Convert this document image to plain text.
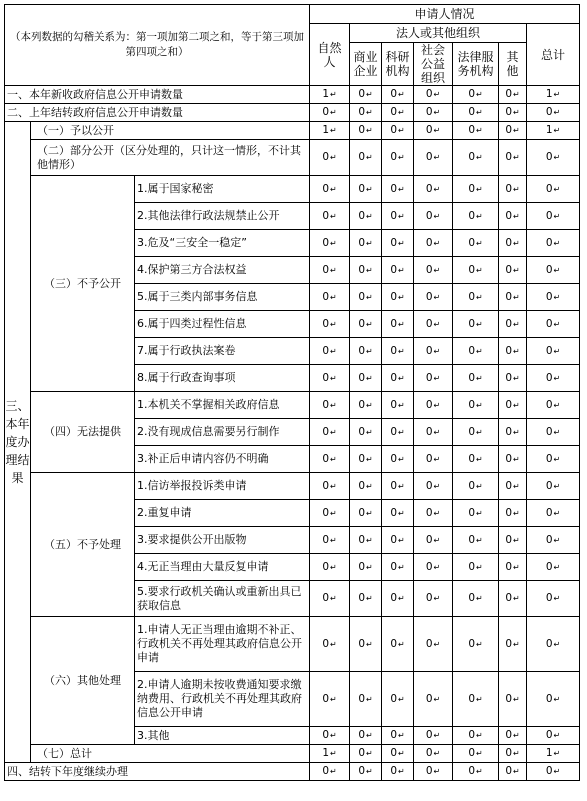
（本列数据的勾稽关系为：第一项加第二项之和，等于第三项加第四项之和）			申请人情况						
			自然人	法人或其他组织					总计
				商业企业	科研机构	社会公益组织	法律服务机构	其他	
一、本年新收政府信息公开申请数量			1 ↵	0 ↵	0 ↵	0 ↵	0 ↵	0 ↵	1 ↵
二、上年结转政府信息公开申请数量			0 ↵	0 ↵	0 ↵	0 ↵	0 ↵	0 ↵	0 ↵
三、本年度办理结果	（一）予以公开		1 ↵	0 ↵	0 ↵	0 ↵	0 ↵	0 ↵	1 ↵
	（二）部分公开（区分处理的，只计这一情形，不计其他情形）		0 ↵	0 ↵	0 ↵	0 ↵	0 ↵	0 ↵	0 ↵
	（三）不予公开	1.属于国家秘密	0 ↵	0 ↵	0 ↵	0 ↵	0 ↵	0 ↵	0 ↵
		2.其他法律行政法规禁止公开	0 ↵	0 ↵	0 ↵	0 ↵	0 ↵	0 ↵	0 ↵
		3.危及“三安全一稳定”	0 ↵	0 ↵	0 ↵	0 ↵	0 ↵	0 ↵	0 ↵
		4.保护第三方合法权益	0 ↵	0 ↵	0 ↵	0 ↵	0 ↵	0 ↵	0 ↵
		5.属于三类内部事务信息	0 ↵	0 ↵	0 ↵	0 ↵	0 ↵	0 ↵	0 ↵
		6.属于四类过程性信息	0 ↵	0 ↵	0 ↵	0 ↵	0 ↵	0 ↵	0 ↵
		7.属于行政执法案卷	0 ↵	0 ↵	0 ↵	0 ↵	0 ↵	0 ↵	0 ↵
		8.属于行政查询事项	0 ↵	0 ↵	0 ↵	0 ↵	0 ↵	0 ↵	0 ↵
	（四）无法提供	1.本机关不掌握相关政府信息	0 ↵	0 ↵	0 ↵	0 ↵	0 ↵	0 ↵	0 ↵
		2.没有现成信息需要另行制作	0 ↵	0 ↵	0 ↵	0 ↵	0 ↵	0 ↵	0 ↵
		3.补正后申请内容仍不明确	0 ↵	0 ↵	0 ↵	0 ↵	0 ↵	0 ↵	0 ↵
	（五）不予处理	1.信访举报投诉类申请	0 ↵	0 ↵	0 ↵	0 ↵	0 ↵	0 ↵	0 ↵
		2.重复申请	0 ↵	0 ↵	0 ↵	0 ↵	0 ↵	0 ↵	0 ↵
		3.要求提供公开出版物	0 ↵	0 ↵	0 ↵	0 ↵	0 ↵	0 ↵	0 ↵
		4.无正当理由大量反复申请	0 ↵	0 ↵	0 ↵	0 ↵	0 ↵	0 ↵	0 ↵
		5.要求行政机关确认或重新出具已获取信息	0 ↵	0 ↵	0 ↵	0 ↵	0 ↵	0 ↵	0 ↵
	（六）其他处理	1.申请人无正当理由逾期不补正、行政机关不再处理其政府信息公开申请	0 ↵	0 ↵	0 ↵	0 ↵	0 ↵	0 ↵	0 ↵
		2.申请人逾期未按收费通知要求缴纳费用、行政机关不再处理其政府信息公开申请	0 ↵	0 ↵	0 ↵	0 ↵	0 ↵	0 ↵	0 ↵
		3.其他	0 ↵	0 ↵	0 ↵	0 ↵	0 ↵	0 ↵	0 ↵
	（七）总计		1 ↵	0 ↵	0 ↵	0 ↵	0 ↵	0 ↵	1 ↵
四、结转下年度继续办理			0 ↵	0 ↵	0 ↵	0 ↵	0 ↵	0 ↵	0 ↵
